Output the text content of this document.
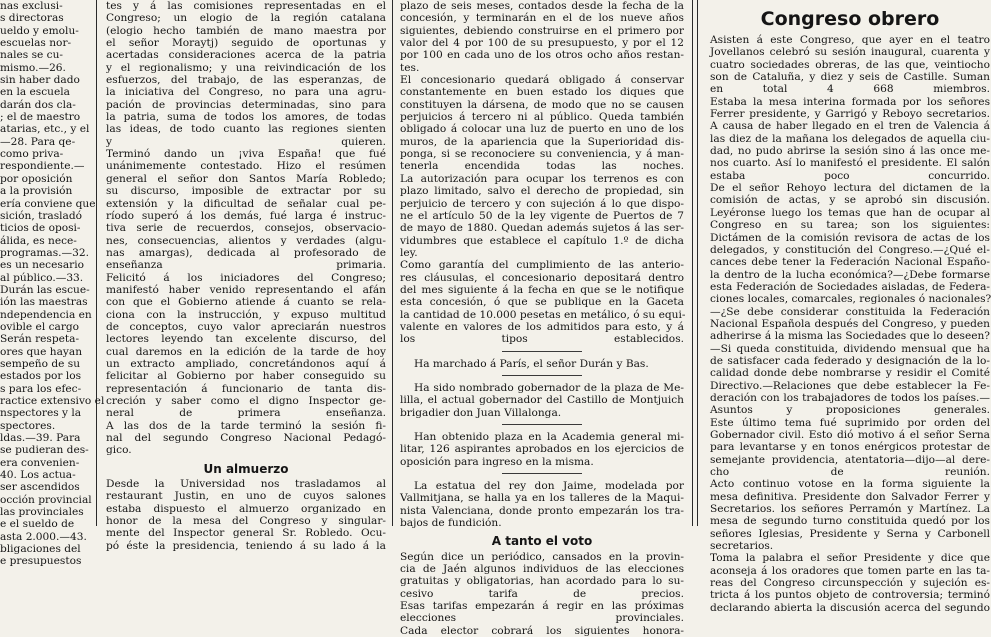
nas exclusi-
s directoras
ueldo y emolu-
escuelas nor-
nales se cu-
mismo.—26.
sin haber dado
en la escuela
darán dos cla-
; el de maestro
atarias, etc., y el
—28. Para qe-
como priva-
respondiente.—
por oposición
a la provisión
ería conviene que
sición, trasladó
ticios de oposi-
álida, es nece-
programas.—32.
es un necesario
al público.—33.
Durán las escue-
ión las maestras
ndependencia en
ovible el cargo
Serán respeta-
ores que hayan
sempeño de su
estados por los
s para los efec-
ractice extensivo el
nspectores y la
spectores.
ldas.—39. Para
se pudieran des-
era convenien-
40. Los actua-
ser ascendidos
occión provincial
las provinciales
e el sueldo de
asta 2.000.—43.
bligaciones del
e presupuestos
tes y á las comisiones representadas en el
Congreso; un elogio de la región catalana
(elogio hecho también de mano maestra por
el señor Moraytj) seguido de oportunas y
acertadas consideraciones acerca de la patria
y el regionalismo; y una reivindicación de los
esfuerzos, del trabajo, de las esperanzas, de
la iniciativa del Congreso, no para una agru-
pación de provincias determinadas, sino para
la patria, suma de todos los amores, de todas
las ideas, de todo cuanto las regiones sienten
y quieren.
Terminó dando un ¡viva España! que fué
unánimemente contestado. Hizo el resúmen
general el señor don Santos María Robledo;
su discurso, imposible de extractar por su
extensión y la dificultad de señalar cual pe-
ríodo superó á los demás, fué larga é instruc-
tiva serie de recuerdos, consejos, observacio-
nes, consecuencias, alientos y verdades (algu-
nas amargas), dedicada al profesorado de
enseñanza primaria.
Felicitó á los iniciadores del Congreso;
manifestó haber venido representando el afán
con que el Gobierno atiende á cuanto se rela-
ciona con la instrucción, y expuso multitud
de conceptos, cuyo valor apreciarán nuestros
lectores leyendo tan excelente discurso, del
cual daremos en la edición de la tarde de hoy
un extracto ampliado, concretándonos aquí á
felicitar al Gobierno por haber conseguido su
representación á funcionario de tanta dis-
creción y saber como el digno Inspector ge-
neral de primera enseñanza.
A las dos de la tarde terminó la sesión fi-
nal del segundo Congreso Nacional Pedagó-
gico.
Un almuerzo
Desde la Universidad nos trasladamos al
restaurant Justin, en uno de cuyos salones
estaba dispuesto el almuerzo organizado en
honor de la mesa del Congreso y singular-
mente del Inspector general Sr. Robledo. Ocu-
pó éste la presidencia, teniendo á su lado á la
plazo de seis meses, contados desde la fecha de la
concesión, y terminarán en el de los nueve años
siguientes, debiendo construirse en el primero por
valor del 4 por 100 de su presupuesto, y por el 12
por 100 en cada uno de los otros ocho años restan-
tes.
El concesionario quedará obligado á conservar
constantemente en buen estado los diques que
constituyen la dársena, de modo que no se causen
perjuicios á tercero ni al público. Queda también
obligado á colocar una luz de puerto en uno de los
muros, de la apariencia que la Superioridad dis-
ponga, si se reconociere su conveniencia, y á man-
tenerla encendida todas las noches.
La autorización para ocupar los terrenos es con
plazo limitado, salvo el derecho de propiedad, sin
perjuicio de tercero y con sujeción á lo que dispo-
ne el artículo 50 de la ley vigente de Puertos de 7
de mayo de 1880. Quedan además sujetos á las ser-
vidumbres que establece el capítulo 1.º de dicha
ley.
Como garantía del cumplimiento de las anterio-
res cláusulas, el concesionario depositará dentro
del mes siguiente á la fecha en que se le notifique
esta concesión, ó que se publique en la Gaceta
la cantidad de 10.000 pesetas en metálico, ó su equi-
valente en valores de los admitidos para esto, y á
los tipos establecidos.
Ha marchado á París, el señor Durán y Bas.
Ha sido nombrado gobernador de la plaza de Me-
lilla, el actual gobernador del Castillo de Montjuich
brigadier don Juan Villalonga.
Han obtenido plaza en la Academia general mi-
litar, 126 aspirantes aprobados en los ejercicios de
oposición para ingreso en la misma.
La estatua del rey don Jaime, modelada por
Vallmitjana, se halla ya en los talleres de la Maqui-
nista Valenciana, donde pronto empezarán los tra-
bajos de fundición.
A tanto el voto
Según dice un periódico, cansados en la provin-
cia de Jaén algunos individuos de las elecciones
gratuitas y obligatorias, han acordado para lo su-
cesivo tarifa de precios.
Esas tarifas empezarán á regir en las próximas
elecciones provinciales.
Cada elector cobrará los siguientes honora-
Congreso obrero
Asisten á este Congreso, que ayer en el teatro
Jovellanos celebró su sesión inaugural, cuarenta y
cuatro sociedades obreras, de las que, veintiocho
son de Cataluña, y diez y seis de Castille. Suman
en total 4 668 miembros.
Estaba la mesa interina formada por los señores
Ferrer presidente, y Garrigó y Reboyo secretarios.
A causa de haber llegado en el tren de Valencia á
las diez de la mañana los delegados de aquella ciu-
dad, no pudo abrirse la sesión sino á las once me-
nos cuarto. Así lo manifestó el presidente. El salón
estaba poco concurrido.
De el señor Rehoyo lectura del dictamen de la
comisión de actas, y se aprobó sin discusión.
Leyéronse luego los temas que han de ocupar al
Congreso en su tarea; son los siguientes:
Dictámen de la comisión revisora de actas de los
delegados, y constitución del Congreso.—¿Qué el-
cances debe tener la Federación Nacional Españo-
la dentro de la lucha económica?—¿Debe formarse
esta Federación de Sociedades aisladas, de Federa-
ciones locales, comarcales, regionales ó nacionales?
—¿Se debe considerar constituida la Federación
Nacional Española después del Congreso, y pueden
adherirse á la misma las Sociedades que lo deseen?
—Si queda constituida, dividendo mensual que ha
de satisfacer cada federado y designación de la lo-
calidad donde debe nombrarse y residir el Comité
Directivo.—Relaciones que debe establecer la Fe-
deración con los trabajadores de todos los países.—
Asuntos y proposiciones generales.
Este último tema fué suprimido por orden del
Gobernador civil. Esto dió motivo á el señor Serna
para levantarse y en tonos enérgicos protestar de
semejante providencia, atentatoria—dijo—al dere-
cho de reunión.
Acto continuo votose en la forma siguiente la
mesa definitiva. Presidente don Salvador Ferrer y
Secretarios. los señores Perramón y Martínez. La
mesa de segundo turno constituida quedó por los
señores Iglesias, Presidente y Serna y Carbonell
secretarios.
Toma la palabra el señor Presidente y dice que
aconseja á los oradores que tomen parte en las ta-
reas del Congreso circunspección y sujeción es-
tricta á los puntos objeto de controversia; terminó
declarando abierta la discusión acerca del segundo
